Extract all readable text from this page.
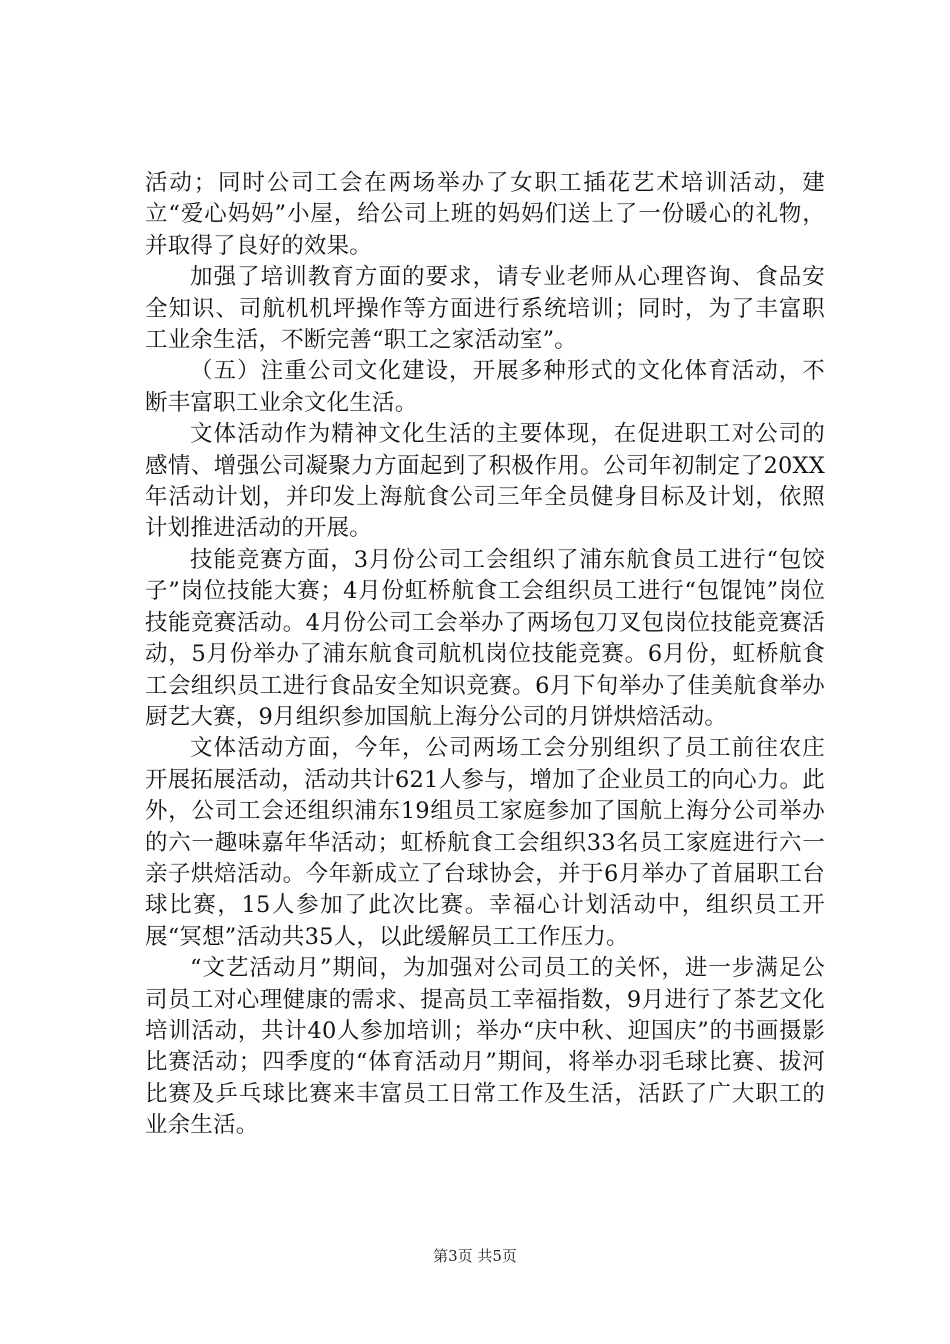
活动；同时公司工会在两场举办了女职工插花艺术培训活动，建立“爱心妈妈”小屋，给公司上班的妈妈们送上了一份暖心的礼物，并取得了良好的效果。

加强了培训教育方面的要求，请专业老师从心理咨询、食品安全知识、司航机机坪操作等方面进行系统培训；同时，为了丰富职工业余生活，不断完善“职工之家活动室”。

（五）注重公司文化建设，开展多种形式的文化体育活动，不断丰富职工业余文化生活。

文体活动作为精神文化生活的主要体现，在促进职工对公司的感情、增强公司凝聚力方面起到了积极作用。公司年初制定了20XX年活动计划，并印发上海航食公司三年全员健身目标及计划，依照计划推进活动的开展。

技能竞赛方面，3月份公司工会组织了浦东航食员工进行“包饺子”岗位技能大赛；4月份虹桥航食工会组织员工进行“包馄饨”岗位技能竞赛活动。4月份公司工会举办了两场包刀叉包岗位技能竞赛活动，5月份举办了浦东航食司航机岗位技能竞赛。6月份，虹桥航食工会组织员工进行食品安全知识竞赛。6月下旬举办了佳美航食举办厨艺大赛，9月组织参加国航上海分公司的月饼烘焙活动。

文体活动方面，今年，公司两场工会分别组织了员工前往农庄开展拓展活动，活动共计621人参与，增加了企业员工的向心力。此外，公司工会还组织浦东19组员工家庭参加了国航上海分公司举办的六一趣味嘉年华活动；虹桥航食工会组织33名员工家庭进行六一亲子烘焙活动。今年新成立了台球协会，并于6月举办了首届职工台球比赛，15人参加了此次比赛。幸福心计划活动中，组织员工开展“冥想”活动共35人，以此缓解员工工作压力。

“文艺活动月”期间，为加强对公司员工的关怀，进一步满足公司员工对心理健康的需求、提高员工幸福指数，9月进行了茶艺文化培训活动，共计40人参加培训；举办“庆中秋、迎国庆”的书画摄影比赛活动；四季度的“体育活动月”期间，将举办羽毛球比赛、拔河比赛及乒乓球比赛来丰富员工日常工作及生活，活跃了广大职工的业余生活。

第3页 共5页
